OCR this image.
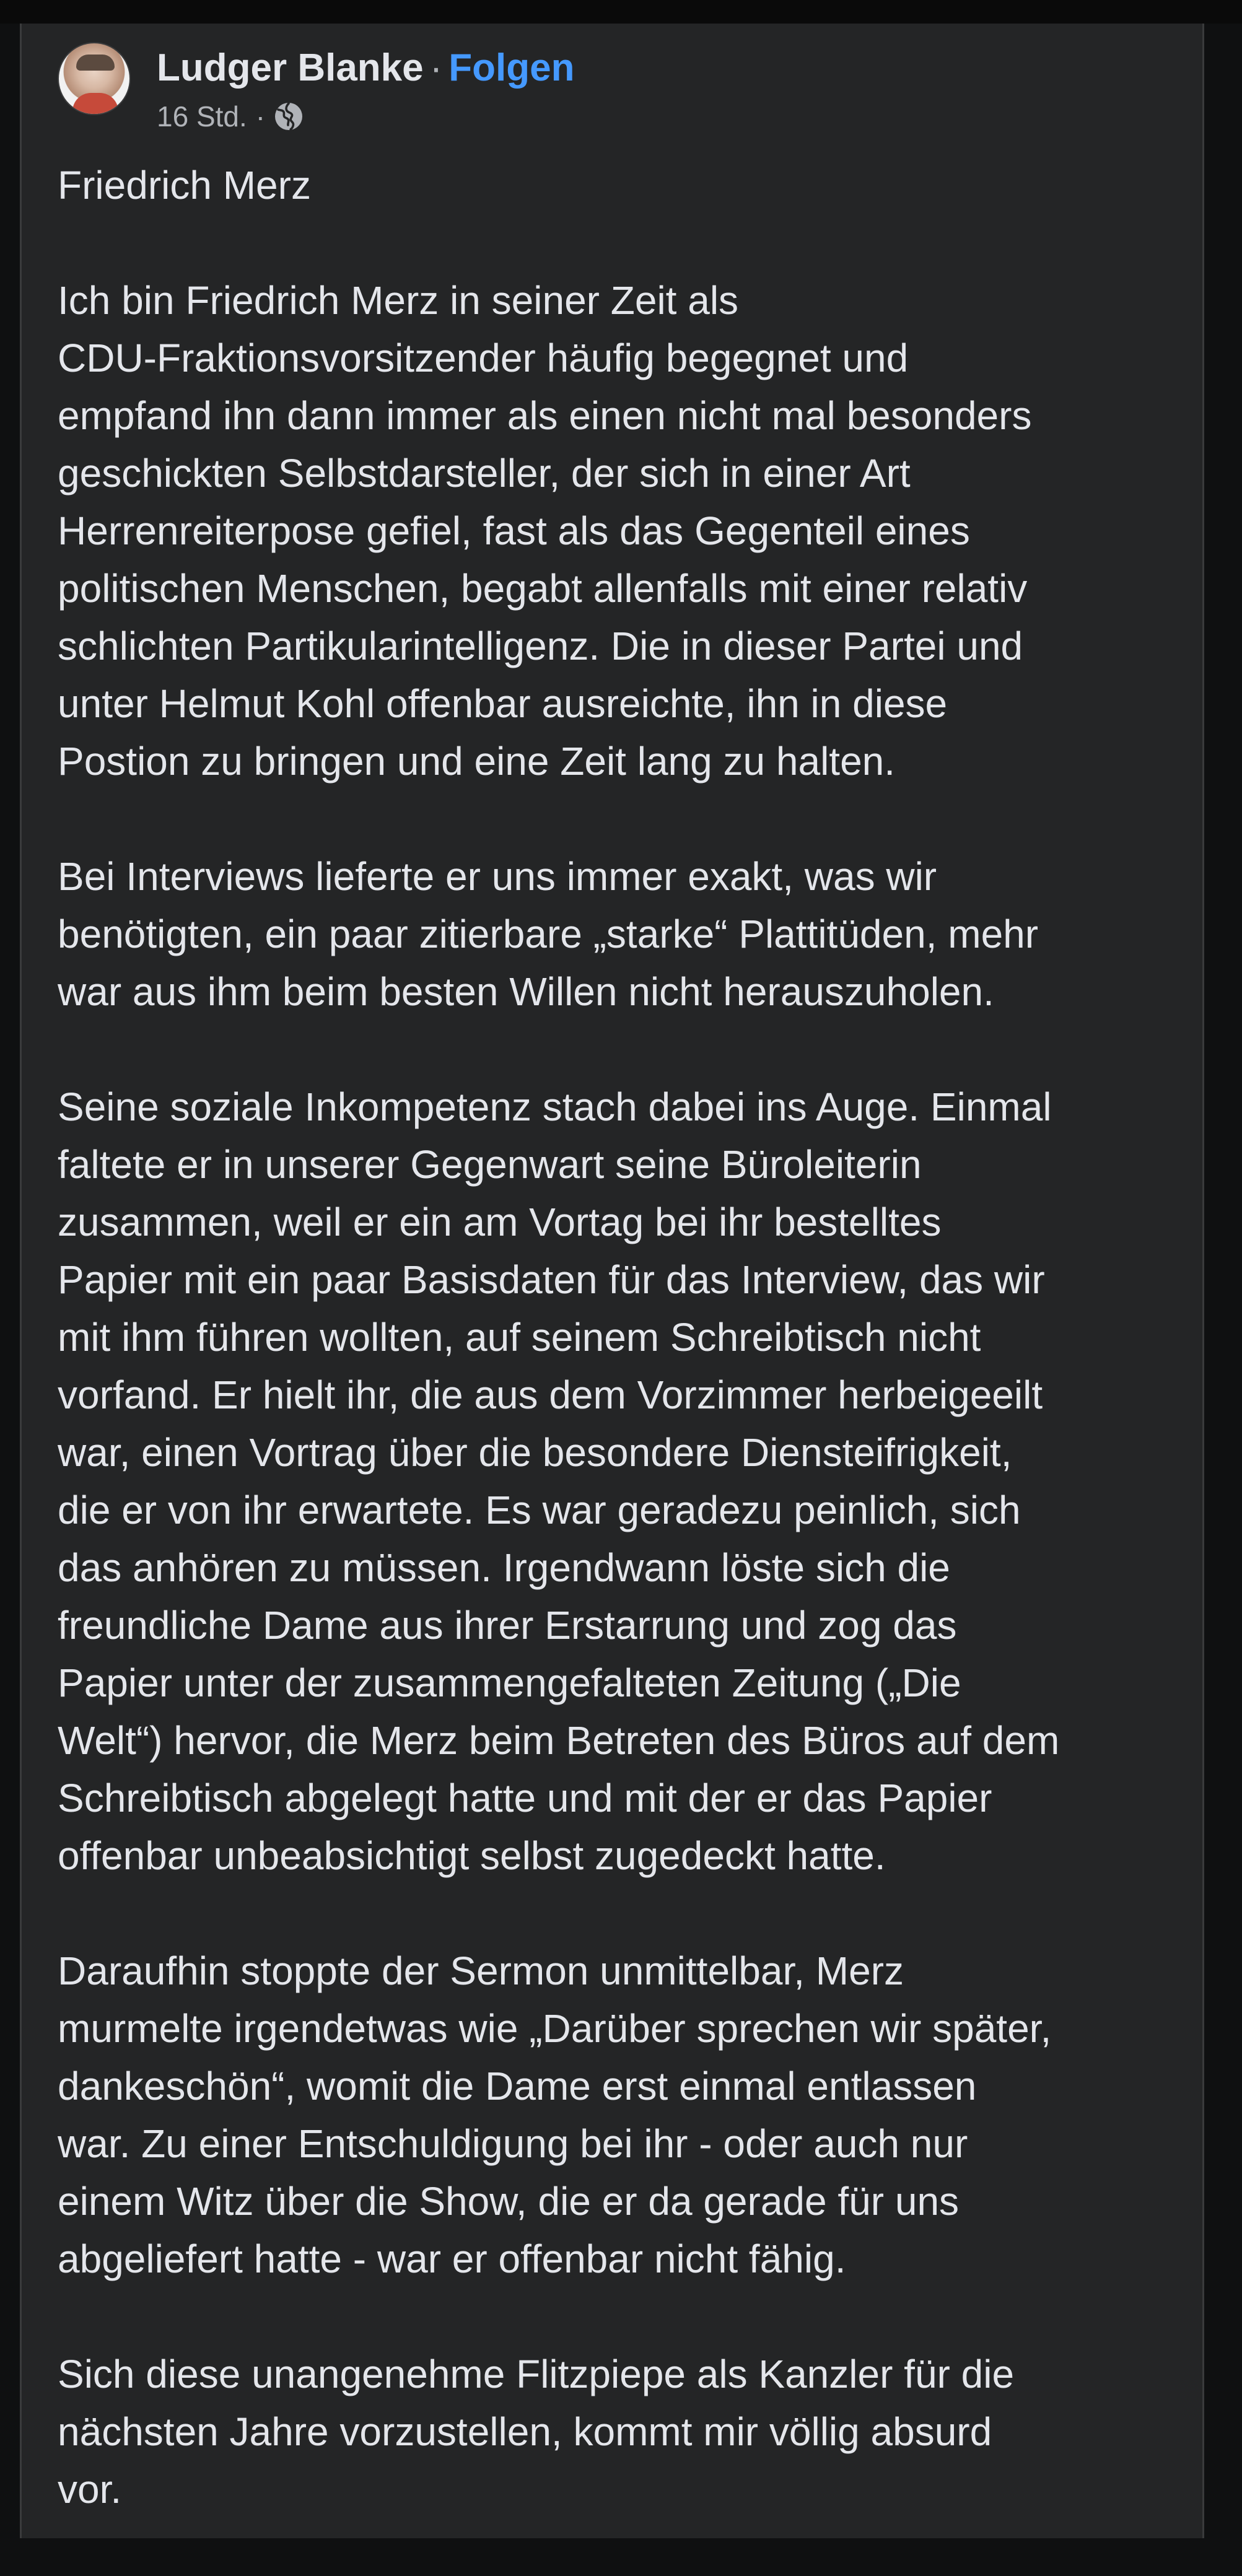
Ludger Blanke · Folgen
16 Std. ·

Friedrich Merz

Ich bin Friedrich Merz in seiner Zeit als
CDU-Fraktionsvorsitzender häufig begegnet und
empfand ihn dann immer als einen nicht mal besonders
geschickten Selbstdarsteller, der sich in einer Art
Herrenreiterpose gefiel, fast als das Gegenteil eines
politischen Menschen, begabt allenfalls mit einer relativ
schlichten Partikularintelligenz. Die in dieser Partei und
unter Helmut Kohl offenbar ausreichte, ihn in diese
Postion zu bringen und eine Zeit lang zu halten.

Bei Interviews lieferte er uns immer exakt, was wir
benötigten, ein paar zitierbare „starke“ Plattitüden, mehr
war aus ihm beim besten Willen nicht herauszuholen.

Seine soziale Inkompetenz stach dabei ins Auge. Einmal
faltete er in unserer Gegenwart seine Büroleiterin
zusammen, weil er ein am Vortag bei ihr bestelltes
Papier mit ein paar Basisdaten für das Interview, das wir
mit ihm führen wollten, auf seinem Schreibtisch nicht
vorfand. Er hielt ihr, die aus dem Vorzimmer herbeigeeilt
war, einen Vortrag über die besondere Diensteifrigkeit,
die er von ihr erwartete. Es war geradezu peinlich, sich
das anhören zu müssen. Irgendwann löste sich die
freundliche Dame aus ihrer Erstarrung und zog das
Papier unter der zusammengefalteten Zeitung („Die
Welt“) hervor, die Merz beim Betreten des Büros auf dem
Schreibtisch abgelegt hatte und mit der er das Papier
offenbar unbeabsichtigt selbst zugedeckt hatte.

Daraufhin stoppte der Sermon unmittelbar, Merz
murmelte irgendetwas wie „Darüber sprechen wir später,
dankeschön“, womit die Dame erst einmal entlassen
war. Zu einer Entschuldigung bei ihr - oder auch nur
einem Witz über die Show, die er da gerade für uns
abgeliefert hatte - war er offenbar nicht fähig.

Sich diese unangenehme Flitzpiepe als Kanzler für die
nächsten Jahre vorzustellen, kommt mir völlig absurd
vor.
